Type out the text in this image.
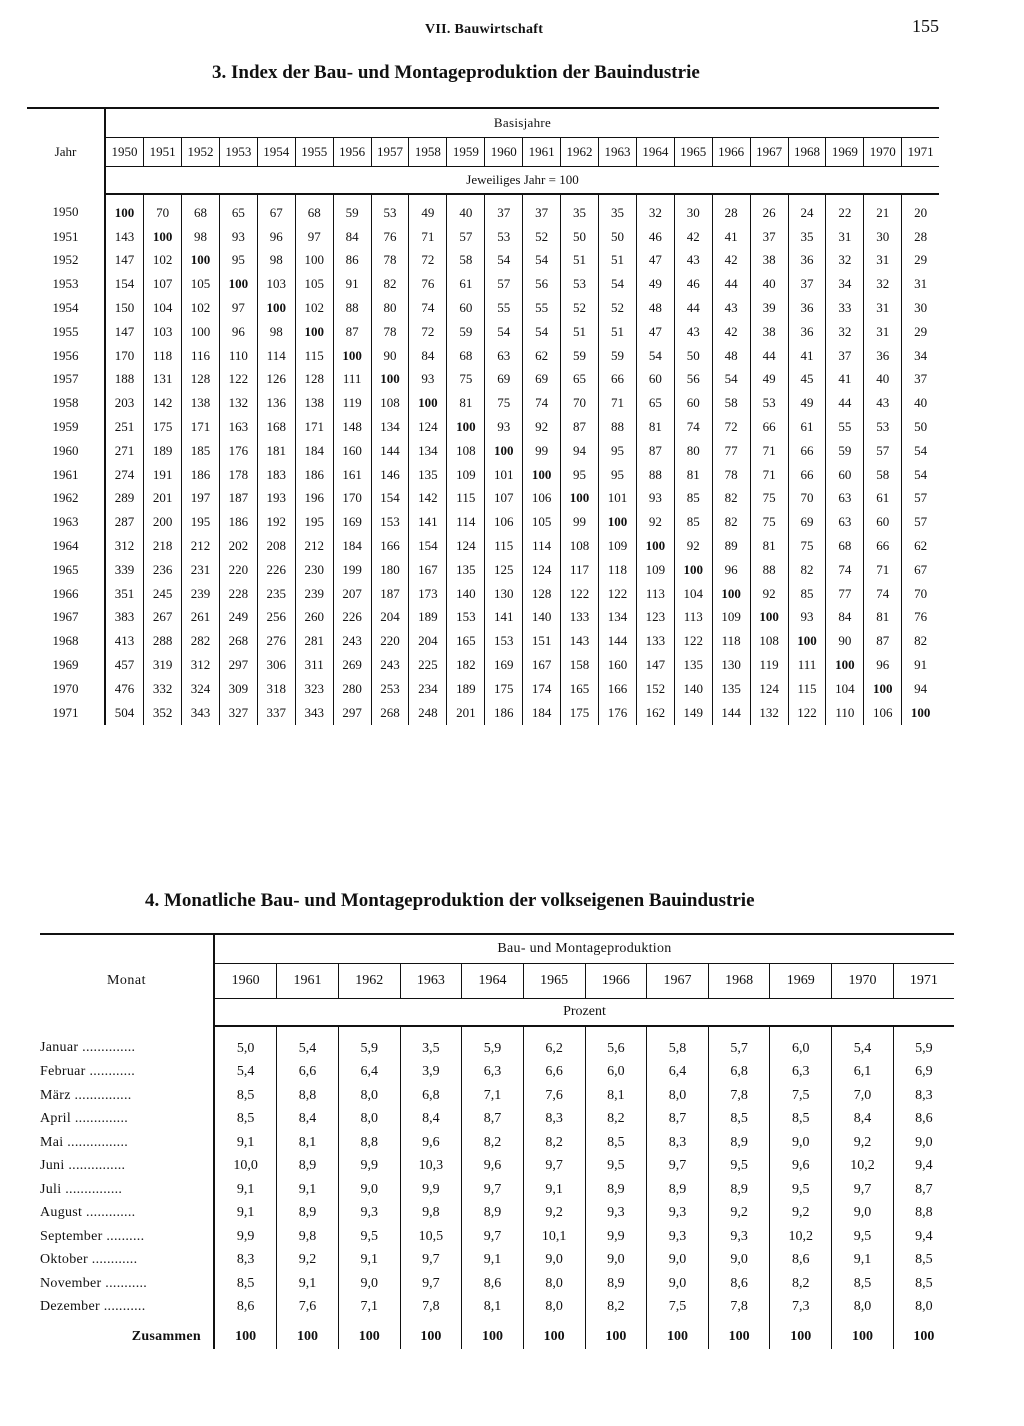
VII. Bauwirtschaft	155
3. Index der Bau- und Montageproduktion der Bauindustrie
Jahr	Basisjahre																					
	1950	1951	1952	1953	1954	1955	1956	1957	1958	1959	1960	1961	1962	1963	1964	1965	1966	1967	1968	1969	1970	1971
	Jeweiliges Jahr = 100																					
1950	100	70	68	65	67	68	59	53	49	40	37	37	35	35	32	30	28	26	24	22	21	20
1951	143	100	98	93	96	97	84	76	71	57	53	52	50	50	46	42	41	37	35	31	30	28
1952	147	102	100	95	98	100	86	78	72	58	54	54	51	51	47	43	42	38	36	32	31	29
1953	154	107	105	100	103	105	91	82	76	61	57	56	53	54	49	46	44	40	37	34	32	31
1954	150	104	102	97	100	102	88	80	74	60	55	55	52	52	48	44	43	39	36	33	31	30
1955	147	103	100	96	98	100	87	78	72	59	54	54	51	51	47	43	42	38	36	32	31	29
1956	170	118	116	110	114	115	100	90	84	68	63	62	59	59	54	50	48	44	41	37	36	34
1957	188	131	128	122	126	128	111	100	93	75	69	69	65	66	60	56	54	49	45	41	40	37
1958	203	142	138	132	136	138	119	108	100	81	75	74	70	71	65	60	58	53	49	44	43	40
1959	251	175	171	163	168	171	148	134	124	100	93	92	87	88	81	74	72	66	61	55	53	50
1960	271	189	185	176	181	184	160	144	134	108	100	99	94	95	87	80	77	71	66	59	57	54
1961	274	191	186	178	183	186	161	146	135	109	101	100	95	95	88	81	78	71	66	60	58	54
1962	289	201	197	187	193	196	170	154	142	115	107	106	100	101	93	85	82	75	70	63	61	57
1963	287	200	195	186	192	195	169	153	141	114	106	105	99	100	92	85	82	75	69	63	60	57
1964	312	218	212	202	208	212	184	166	154	124	115	114	108	109	100	92	89	81	75	68	66	62
1965	339	236	231	220	226	230	199	180	167	135	125	124	117	118	109	100	96	88	82	74	71	67
1966	351	245	239	228	235	239	207	187	173	140	130	128	122	122	113	104	100	92	85	77	74	70
1967	383	267	261	249	256	260	226	204	189	153	141	140	133	134	123	113	109	100	93	84	81	76
1968	413	288	282	268	276	281	243	220	204	165	153	151	143	144	133	122	118	108	100	90	87	82
1969	457	319	312	297	306	311	269	243	225	182	169	167	158	160	147	135	130	119	111	100	96	91
1970	476	332	324	309	318	323	280	253	234	189	175	174	165	166	152	140	135	124	115	104	100	94
1971	504	352	343	327	337	343	297	268	248	201	186	184	175	176	162	149	144	132	122	110	106	100
4. Monatliche Bau- und Montageproduktion der volkseigenen Bauindustrie
Monat	Bau- und Montageproduktion											
	1960	1961	1962	1963	1964	1965	1966	1967	1968	1969	1970	1971
	Prozent											
Januar ..............	5,0	5,4	5,9	3,5	5,9	6,2	5,6	5,8	5,7	6,0	5,4	5,9
Februar ............	5,4	6,6	6,4	3,9	6,3	6,6	6,0	6,4	6,8	6,3	6,1	6,9
März ...............	8,5	8,8	8,0	6,8	7,1	7,6	8,1	8,0	7,8	7,5	7,0	8,3
April ..............	8,5	8,4	8,0	8,4	8,7	8,3	8,2	8,7	8,5	8,5	8,4	8,6
Mai ................	9,1	8,1	8,8	9,6	8,2	8,2	8,5	8,3	8,9	9,0	9,2	9,0
Juni ...............	10,0	8,9	9,9	10,3	9,6	9,7	9,5	9,7	9,5	9,6	10,2	9,4
Juli ...............	9,1	9,1	9,0	9,9	9,7	9,1	8,9	8,9	8,9	9,5	9,7	8,7
August .............	9,1	8,9	9,3	9,8	8,9	9,2	9,3	9,3	9,2	9,2	9,0	8,8
September ..........	9,9	9,8	9,5	10,5	9,7	10,1	9,9	9,3	9,3	10,2	9,5	9,4
Oktober ............	8,3	9,2	9,1	9,7	9,1	9,0	9,0	9,0	9,0	8,6	9,1	8,5
November ...........	8,5	9,1	9,0	9,7	8,6	8,0	8,9	9,0	8,6	8,2	8,5	8,5
Dezember ...........	8,6	7,6	7,1	7,8	8,1	8,0	8,2	7,5	7,8	7,3	8,0	8,0
Zusammen	100	100	100	100	100	100	100	100	100	100	100	100
